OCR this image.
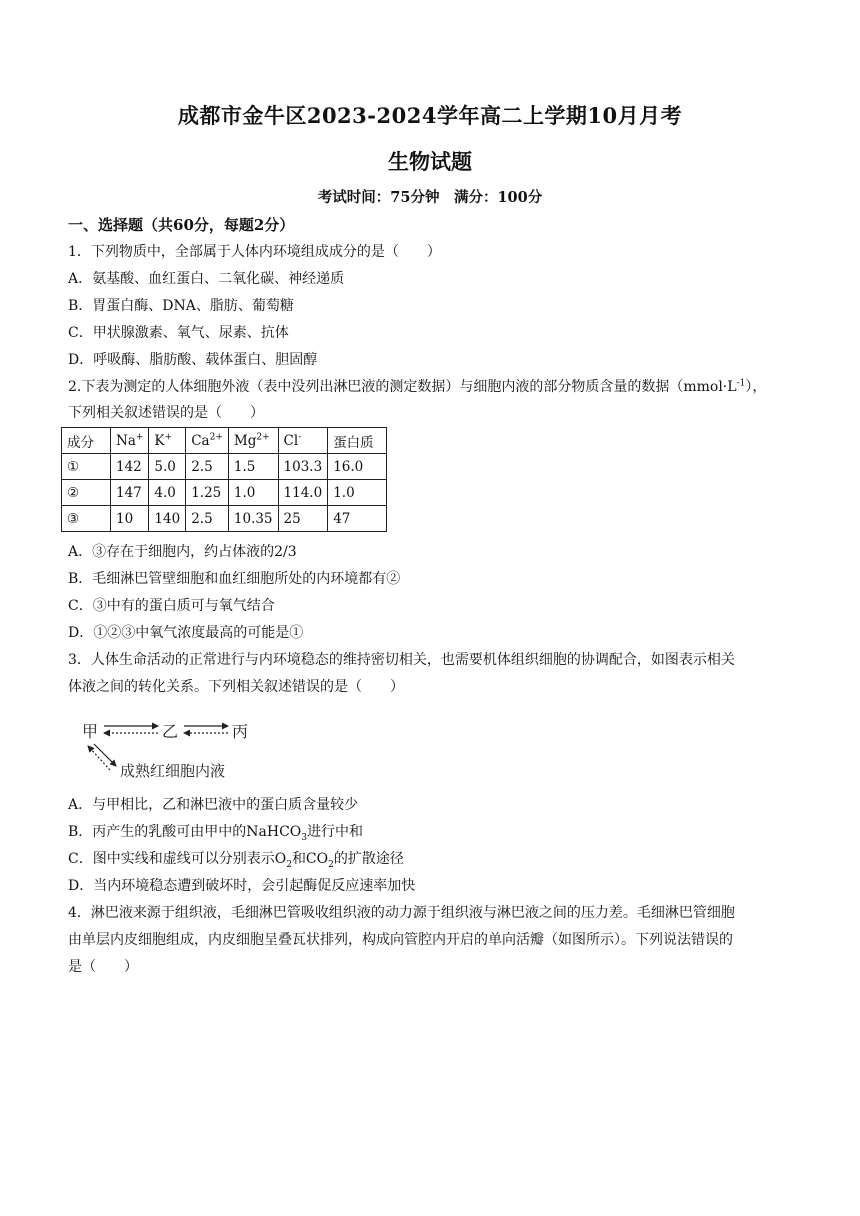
成都市金牛区2023-2024学年高二上学期10月月考
生物试题
考试时间：75分钟　满分：100分
一、选择题（共60分，每题2分）
1．下列物质中，全部属于人体内环境组成成分的是（　　）
A．氨基酸、血红蛋白、二氧化碳、神经递质
B．胃蛋白酶、DNA、脂肪、葡萄糖
C．甲状腺激素、氧气、尿素、抗体
D．呼吸酶、脂肪酸、载体蛋白、胆固醇
2.下表为测定的人体细胞外液（表中没列出淋巴液的测定数据）与细胞内液的部分物质含量的数据$(mmol\cdot L^{-1})$，
下列相关叙述错误的是（　　）
成分	Na+	K+	$Ca^{2+}$	$Mg^{2+}$	Cl-	蛋白质
①	142	5.0	2.5	1.5	103.3	16.0
②	147	4.0	1.25	1.0	114.0	1.0
③	10	140	2.5	10.35	25	47
A．③存在于细胞内，约占体液的2/3
B．毛细淋巴管壁细胞和血红细胞所处的内环境都有②
C．③中有的蛋白质可与氧气结合
D．①②③中氧气浓度最高的可能是①
3．人体生命活动的正常进行与内环境稳态的维持密切相关，也需要机体组织细胞的协调配合，如图表示相关
体液之间的转化关系。下列相关叙述错误的是（　　）
甲	乙	丙
成熟红细胞内液
A．与甲相比，乙和淋巴液中的蛋白质含量较少
B．丙产生的乳酸可由甲中的NaHCO$_3$进行中和
C．图中实线和虚线可以分别表示$O_2$和$CO_2$的扩散途径
D．当内环境稳态遭到破坏时，会引起酶促反应速率加快
4．淋巴液来源于组织液，毛细淋巴管吸收组织液的动力源于组织液与淋巴液之间的压力差。毛细淋巴管细胞
由单层内皮细胞组成，内皮细胞呈叠瓦状排列，构成向管腔内开启的单向活瓣（如图所示）。下列说法错误的
是（　　）
